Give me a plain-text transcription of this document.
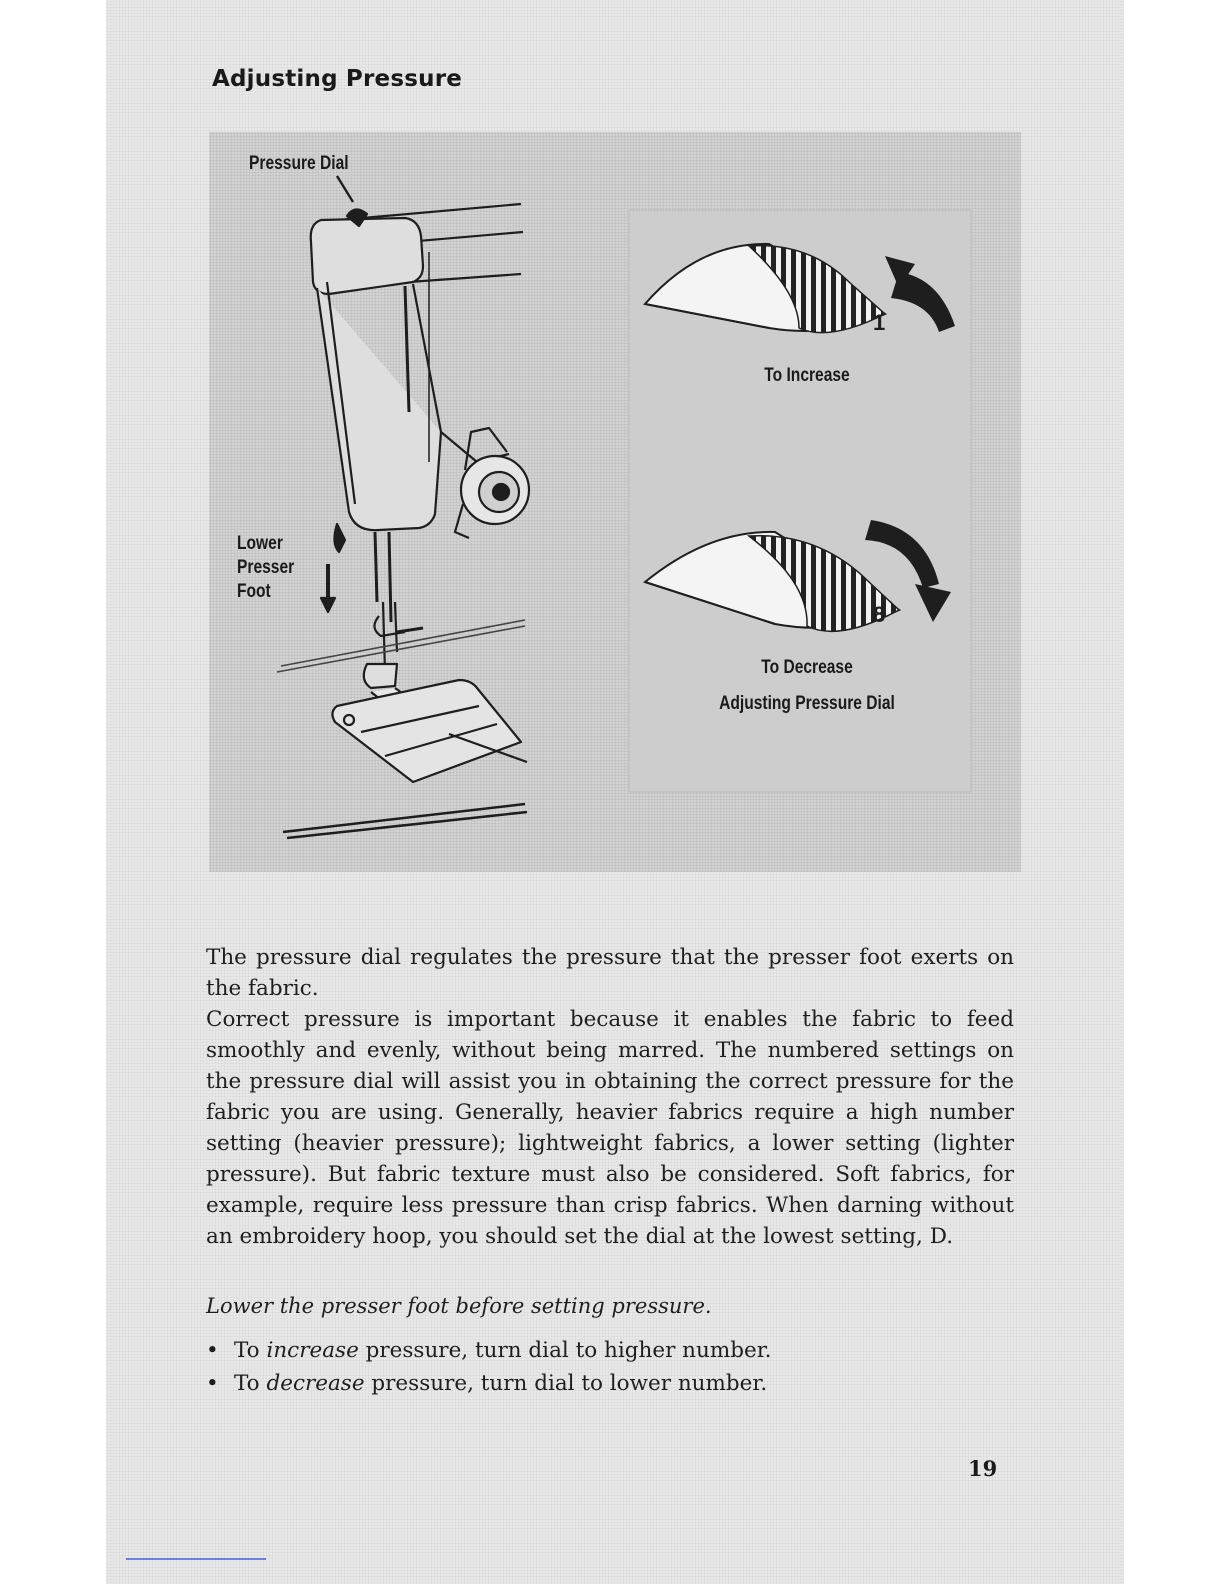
Adjusting Pressure
1
8

Pressure Dial

Lower

Presser

Foot

To Increase

To Decrease

Adjusting Pressure Dial

The pressure dial regulates the pressure that the presser foot exerts on the fabric.

Correct pressure is important because it enables the fabric to feed smoothly and evenly, without being marred. The numbered settings on the pressure dial will assist you in obtaining the correct pressure for the fabric you are using. Generally, heavier fabrics require a high number setting (heavier pressure); lightweight fabrics, a lower setting (lighter pressure). But fabric texture must also be considered. Soft fabrics, for example, require less pressure than crisp fabrics. When darning without an embroidery hoop, you should set the dial at the lowest setting, D.

Lower the presser foot before setting pressure.

• To increase pressure, turn dial to higher number.
• To decrease pressure, turn dial to lower number.

19
